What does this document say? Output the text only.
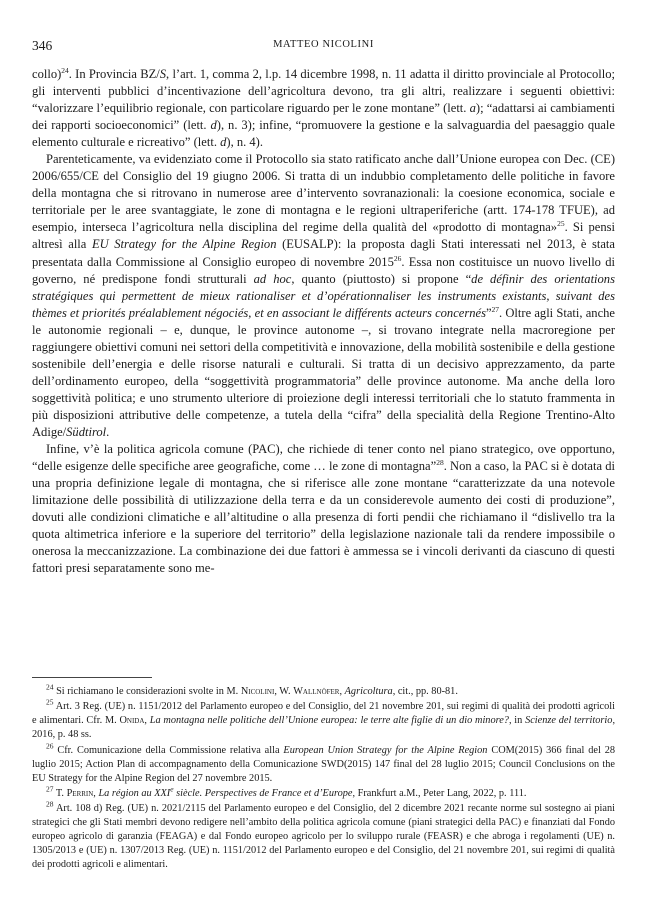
346	MATTEO NICOLINI

collo)$^{24}$. In Provincia BZ/S, l’art. 1, comma 2, l.p. 14 dicembre 1998, n. 11 adatta il diritto provinciale al Protocollo; gli interventi pubblici d’incentivazione dell’agricoltura devono, tra gli altri, realizzare i seguenti obiettivi: “valorizzare l’equilibrio regionale, con particolare riguardo per le zone montane” (lett. a); “adattarsi ai cambiamenti dei rapporti socioeconomici” (lett. d), n. 3); infine, “promuovere la gestione e la salvaguardia del paesaggio quale elemento culturale e ricreativo” (lett. d), n. 4).

Parenteticamente, va evidenziato come il Protocollo sia stato ratificato anche dall’Unione europea con Dec. (CE) 2006/655/CE del Consiglio del 19 giugno 2006. Si tratta di un indubbio completamento delle politiche in favore della montagna che si ritrovano in numerose aree d’intervento sovranazionali: la coesione economica, sociale e territoriale per le aree svantaggiate, le zone di montagna e le regioni ultraperiferiche (artt. 174-178 TFUE), ad esempio, interseca l’agricoltura nella disciplina del regime della qualità del «prodotto di montagna»$^{25}$. Si pensi altresì alla EU Strategy for the Alpine Region (EUSALP): la proposta dagli Stati interessati nel 2013, è stata presentata dalla Commissione al Consiglio europeo di novembre 2015$^{26}$. Essa non costituisce un nuovo livello di governo, né predispone fondi strutturali ad hoc, quanto (piuttosto) si propone “de définir des orientations stratégiques qui permettent de mieux rationaliser et d’opérationnaliser les instruments existants, suivant des thèmes et priorités préalablement négociés, et en associant le différents acteurs concernés”$^{27}$. Oltre agli Stati, anche le autonomie regionali – e, dunque, le province autonome –, si trovano integrate nella macroregione per raggiungere obiettivi comuni nei settori della competitività e innovazione, della mobilità sostenibile e della gestione sostenibile dell’energia e delle risorse naturali e culturali. Si tratta di un decisivo apprezzamento, da parte dell’ordinamento europeo, della “soggettività programmatoria” delle province autonome. Ma anche della loro soggettività politica; e uno strumento ulteriore di proiezione degli interessi territoriali che lo statuto frammenta in più disposizioni attributive delle competenze, a tutela della “cifra” della specialità della Regione Trentino-Alto Adige/Südtirol.

Infine, v’è la politica agricola comune (PAC), che richiede di tener conto nel piano strategico, ove opportuno, “delle esigenze delle specifiche aree geografiche, come … le zone di montagna”$^{28}$. Non a caso, la PAC si è dotata di una propria definizione legale di montagna, che si riferisce alle zone montane “caratterizzate da una notevole limitazione delle possibilità di utilizzazione della terra e da un considerevole aumento dei costi di produzione”, dovuti alle condizioni climatiche e all’altitudine o alla presenza di forti pendii che richiamano il “dislivello tra la quota altimetrica inferiore e la superiore del territorio” della legislazione nazionale tali da rendere impossibile o onerosa la meccanizzazione. La combinazione dei due fattori è ammessa se i vincoli derivanti da ciascuno di questi fattori presi separatamente sono me-

$^{24}$ Si richiamano le considerazioni svolte in M. Nicolini, W. Wallnöfer, Agricoltura, cit., pp. 80-81.

$^{25}$ Art. 3 Reg. (UE) n. 1151/2012 del Parlamento europeo e del Consiglio, del 21 novembre 201, sui regimi di qualità dei prodotti agricoli e alimentari. Cfr. M. Onida, La montagna nelle politiche dell’Unione europea: le terre alte figlie di un dio minore?, in Scienze del territorio, 2016, p. 48 ss.

$^{26}$ Cfr. Comunicazione della Commissione relativa alla European Union Strategy for the Alpine Region COM(2015) 366 final del 28 luglio 2015; Action Plan di accompagnamento della Comunicazione SWD(2015) 147 final del 28 luglio 2015; Council Conclusions on the EU Strategy for the Alpine Region del 27 novembre 2015.

$^{27}$ T. Perrin, La région au XXIe siècle. Perspectives de France et d’Europe, Frankfurt a.M., Peter Lang, 2022, p. 111.

$^{28}$ Art. 108 d) Reg. (UE) n. 2021/2115 del Parlamento europeo e del Consiglio, del 2 dicembre 2021 recante norme sul sostegno ai piani strategici che gli Stati membri devono redigere nell’ambito della politica agricola comune (piani strategici della PAC) e finanziati dal Fondo europeo agricolo di garanzia (FEAGA) e dal Fondo europeo agricolo per lo sviluppo rurale (FEASR) e che abroga i regolamenti (UE) n. 1305/2013 e (UE) n. 1307/2013 Reg. (UE) n. 1151/2012 del Parlamento europeo e del Consiglio, del 21 novembre 201, sui regimi di qualità dei prodotti agricoli e alimentari.
